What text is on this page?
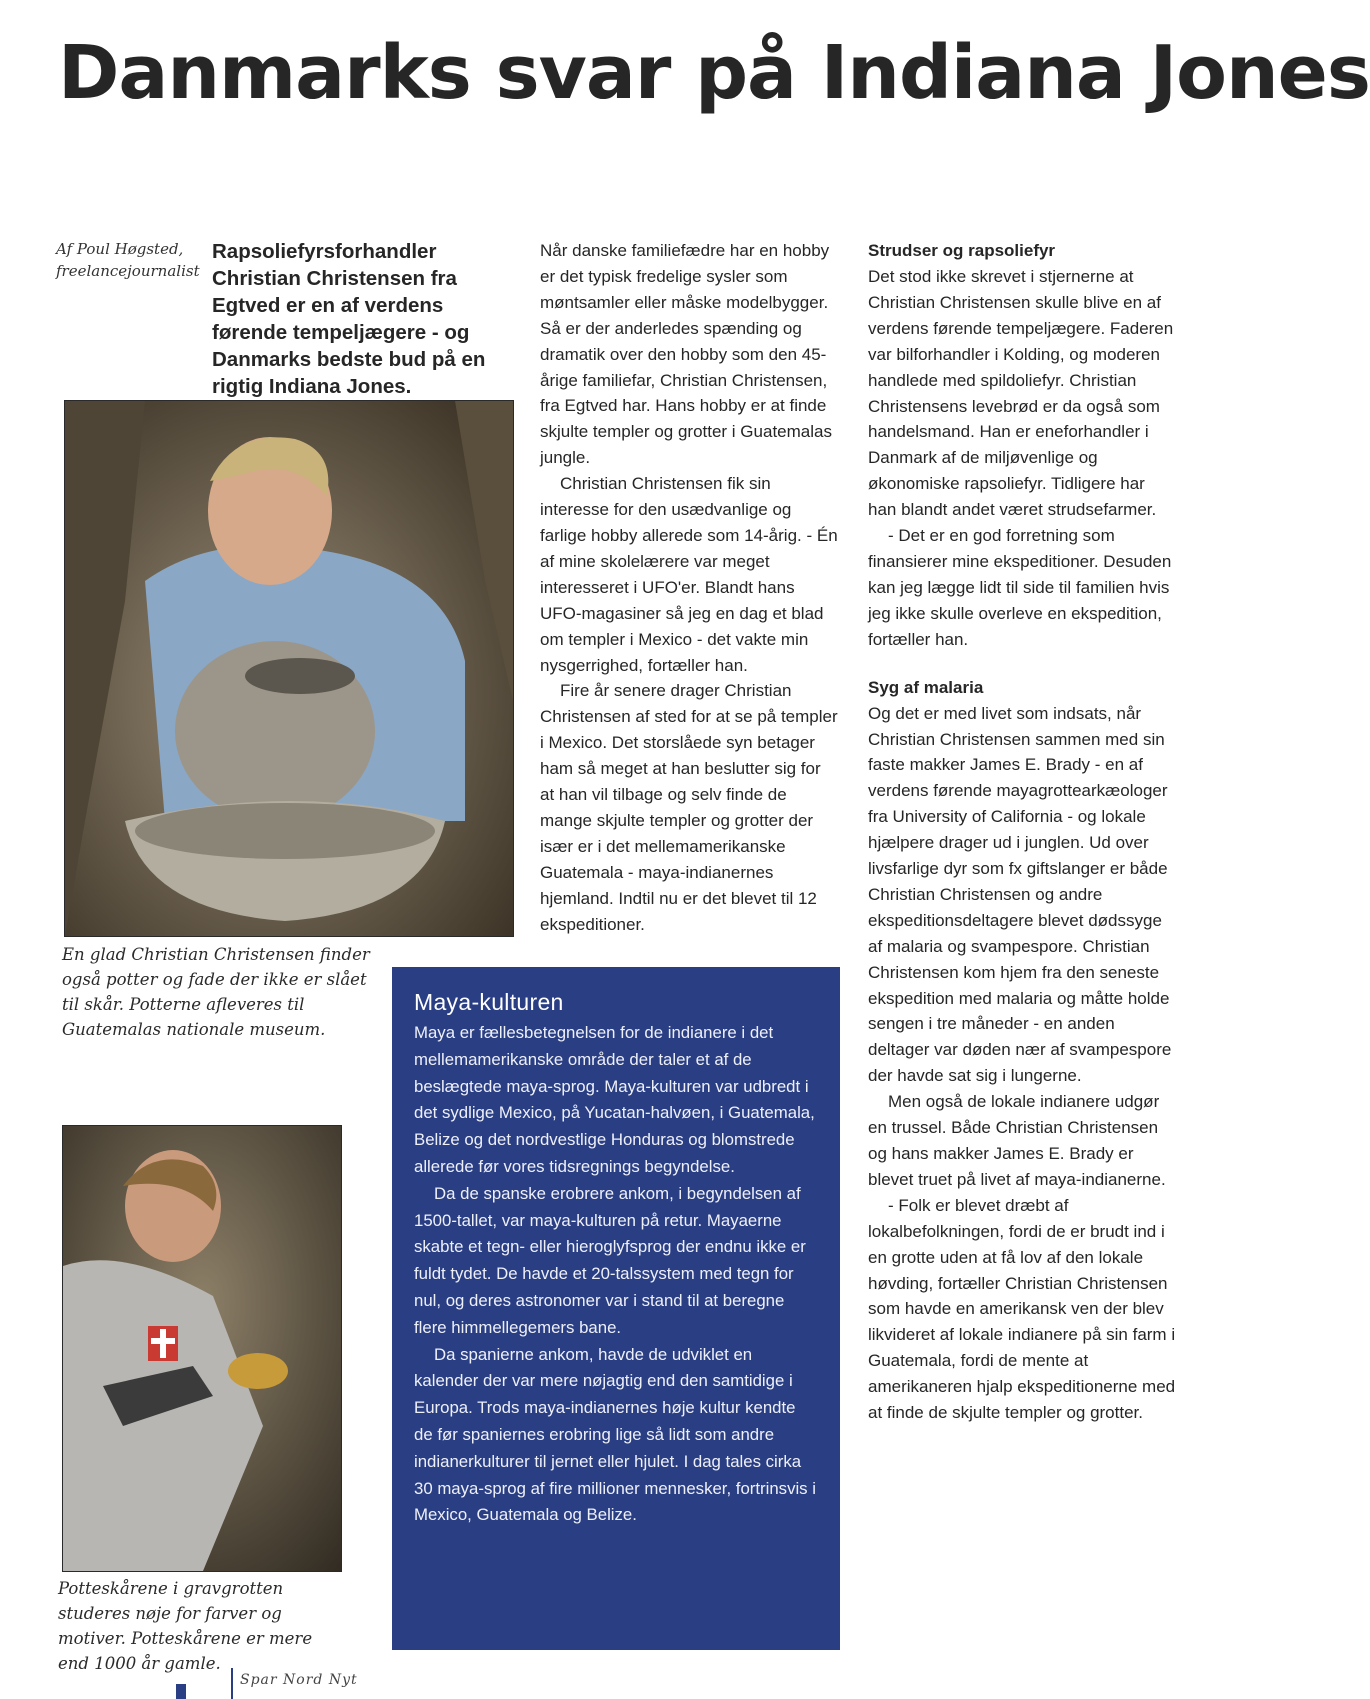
Danmarks svar på Indiana Jones
Af Poul Høgsted, freelancejournalist
Rapsoliefyrsforhandler Christian Christensen fra Egtved er en af verdens førende tempeljægere - og Danmarks bedste bud på en rigtig Indiana Jones.
En glad Christian Christensen finder også potter og fade der ikke er slået til skår. Potterne afleveres til Guatemalas nationale museum.
Potteskårene i gravgrotten studeres nøje for farver og motiver. Potteskårene er mere end 1000 år gamle.

Når danske familiefædre har en hobby er det typisk fredelige sysler som møntsamler eller måske modelbygger. Så er der anderledes spænding og dramatik over den hobby som den 45-årige familiefar, Christian Christensen, fra Egtved har. Hans hobby er at finde skjulte templer og grotter i Guatemalas jungle.

Christian Christensen fik sin interesse for den usædvanlige og farlige hobby allerede som 14-årig. - Én af mine skolelærere var meget interesseret i UFO'er. Blandt hans UFO-magasiner så jeg en dag et blad om templer i Mexico - det vakte min nysgerrighed, fortæller han.

Fire år senere drager Christian Christensen af sted for at se på templer i Mexico. Det storslåede syn betager ham så meget at han beslutter sig for at han vil tilbage og selv finde de mange skjulte templer og grotter der især er i det mellemamerikanske Guatemala - maya-indianernes hjemland. Indtil nu er det blevet til 12 ekspeditioner.

Strudser og rapsoliefyr

Det stod ikke skrevet i stjernerne at Christian Christensen skulle blive en af verdens førende tempeljægere. Faderen var bilforhandler i Kolding, og moderen handlede med spildoliefyr. Christian Christensens levebrød er da også som handelsmand. Han er eneforhandler i Danmark af de miljøvenlige og økonomiske rapsoliefyr. Tidligere har han blandt andet været strudsefarmer.

- Det er en god forretning som finansierer mine ekspeditioner. Desuden kan jeg lægge lidt til side til familien hvis jeg ikke skulle overleve en ekspedition, fortæller han.

Syg af malaria

Og det er med livet som indsats, når Christian Christensen sammen med sin faste makker James E. Brady - en af verdens førende mayagrottearkæologer fra University of California - og lokale hjælpere drager ud i junglen. Ud over livsfarlige dyr som fx giftslanger er både Christian Christensen og andre ekspeditionsdeltagere blevet dødssyge af malaria og svampespore. Christian Christensen kom hjem fra den seneste ekspedition med malaria og måtte holde sengen i tre måneder - en anden deltager var døden nær af svampespore der havde sat sig i lungerne.

Men også de lokale indianere udgør en trussel. Både Christian Christensen og hans makker James E. Brady er blevet truet på livet af maya-indianerne.

- Folk er blevet dræbt af lokalbefolkningen, fordi de er brudt ind i en grotte uden at få lov af den lokale høvding, fortæller Christian Christensen som havde en amerikansk ven der blev likvideret af lokale indianere på sin farm i Guatemala, fordi de mente at amerikaneren hjalp ekspeditionerne med at finde de skjulte templer og grotter.

Maya-kulturen

Maya er fællesbetegnelsen for de indianere i det mellemamerikanske område der taler et af de beslægtede maya-sprog. Maya-kulturen var udbredt i det sydlige Mexico, på Yucatan-halvøen, i Guatemala, Belize og det nordvestlige Honduras og blomstrede allerede før vores tidsregnings begyndelse.

Da de spanske erobrere ankom, i begyndelsen af 1500-tallet, var maya-kulturen på retur. Mayaerne skabte et tegn- eller hieroglyfsprog der endnu ikke er fuldt tydet. De havde et 20-talssystem med tegn for nul, og deres astronomer var i stand til at beregne flere himmellegemers bane.

Da spanierne ankom, havde de udviklet en kalender der var mere nøjagtig end den samtidige i Europa. Trods maya-indianernes høje kultur kendte de før spaniernes erobring lige så lidt som andre indianerkulturer til jernet eller hjulet. I dag tales cirka 30 maya-sprog af fire millioner mennesker, fortrinsvis i Mexico, Guatemala og Belize.

Spar Nord Nyt
